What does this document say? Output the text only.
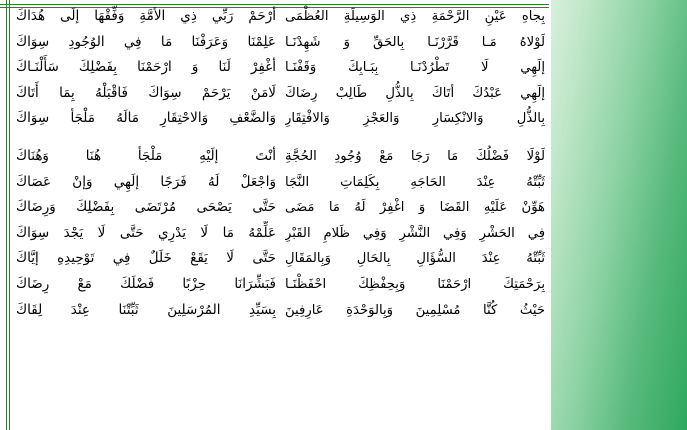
بِجاهِ عَيْنِ الرَّحْمَةِ ذِي الوَسِيلَةِ العُظْمَى
لَوْلاهُ مَـا قَرَّرْنَـا بِالحَقِّ وَ شَهِدْنَـا
إلَهِي لَا تَطْرُدْنَـا بِبَـابِكَ وَقَفْنَـا
إلَهِي عَبْدُكَ أتَاكَ بِالذُّلِ طَالِبْ رِضَاكَ
بِالذُّلِ وَالانْكِسَارِ وَالعَجْزِ وَالافْتِقَارِ
لَوْلَا فَضْلُكَ مَا رَجَا مَعْ وُجُودِ الحُجَّةِ
ثَبِّتْهُ عِنْدَ الحَاجَهِ بِكَلِمَاتِ النَّجَا
هَوِّنْ عَلَيْهِ القَضَا وَ اغْفِرْ لَهُ مَا مَضَى
فِي الحَشْرِ وَفِي النَّشْرِ وَفِي ظَلامِ القَبْرِ
ثَبِّتْهُ عِنْدَ السُّؤَالِ بِالحَالِ وَبِالمَقَالِ
بِرَحْمَتِكَ ارْحَمْنَا وَبِحِفْظِكَ احْفَظْنَـا
حَيْثُ كُنَّا مُسْلِمِينَ وَبِالوَحْدَةِ عَارِفِينَ
أرْحَمْ رَبِّي ذِي الأمَّةِ وَفِّقْهَا إلَى هُدَاكَ
عَلِمْنَا وَعَرَفْنَا مَا فِي الوُجُودِ سِوَاكَ
أغْفِرْ لَنَا وَ ارْحَمْنَا بِفَضْلِكَ سَأَلْنَـاكَ
لَامَنْ يَرْحَمْ سِوَاكَ فَاقْبَلْهُ بِمَا أَتَاكَ
وَالضَّعْفِ وَالاحْتِقَارِ مَالَهُ مَلْجَأ سِوَاكَ
أنْتَ إلَيْهِ مَلْجَأ هُنَا وَهُنَاكَ
وَاجْعَلْ لَهُ فَرَجًا إلَهِي وَإنْ عَصَاكَ
حَتَّى يَصْحَى مُرْتَضَى بِفَضْلِكَ وَرِضَاكَ
عَلِّمْهُ مَا لَا يَدْرِي حَتَّى لَا يَجْدَ سِوَاكَ
حَتَّى لَا يَقَعْ خَلَلٌ فِي تَوْحِيدِهِ إيَّاكَ
فَبَشِّرَانَا حِزْبًا فَضْلَكَ مَعْ رِضَاكَ
بِسَيِّدِ المُرْسَلِينَ ثَبِّتْنَا عِنْدَ لِقَاكَ
